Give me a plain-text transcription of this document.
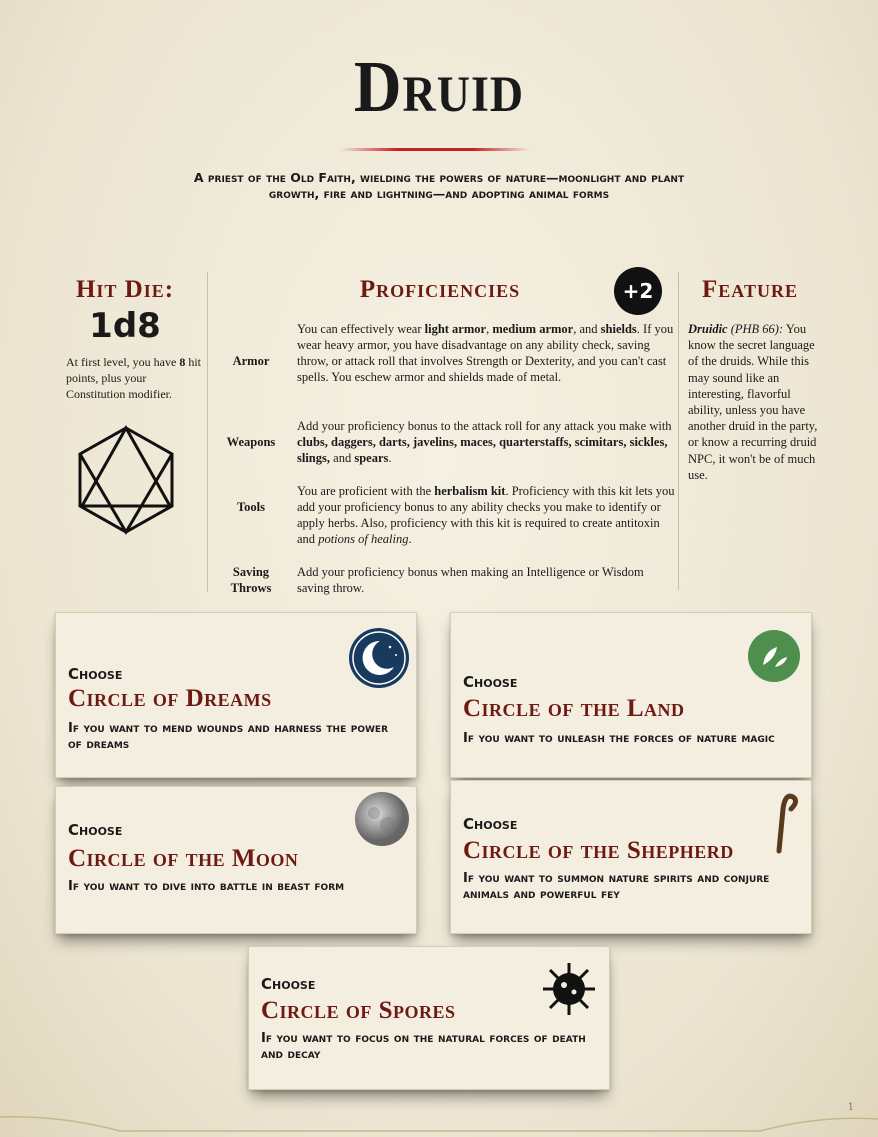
Druid
A priest of the Old Faith, wielding the powers of nature—moonlight and plant growth, fire and lightning—and adopting animal forms
Hit Die:
1d8
At first level, you have 8 hit points, plus your Constitution modifier.
Proficiencies	+2
Armor
You can effectively wear light armor, medium armor, and shields. If you wear heavy armor, you have disadvantage on any ability check, saving throw, or attack roll that involves Strength or Dexterity, and you can't cast spells. You eschew armor and shields made of metal.
Weapons
Add your proficiency bonus to the attack roll for any attack you make with clubs, daggers, darts, javelins, maces, quarterstaffs, scimitars, sickles, slings, and spears.
Tools
You are proficient with the herbalism kit. Proficiency with this kit lets you add your proficiency bonus to any ability checks you make to identify or apply herbs. Also, proficiency with this kit is required to create antitoxin and potions of healing.
Saving Throws
Add your proficiency bonus when making an Intelligence or Wisdom saving throw.
Feature
Druidic (PHB 66): You know the secret language of the druids. While this may sound like an interesting, flavorful ability, unless you have another druid in the party, or know a recurring druid NPC, it won't be of much use.
Choose
Circle of Dreams
If you want to mend wounds and harness the power of dreams
Choose
Circle of the Land
If you want to unleash the forces of nature magic
Choose
Circle of the Moon
If you want to dive into battle in beast form
Choose
Circle of the Shepherd
If you want to summon nature spirits and conjure animals and powerful fey
Choose
Circle of Spores
If you want to focus on the natural forces of death and decay
1
